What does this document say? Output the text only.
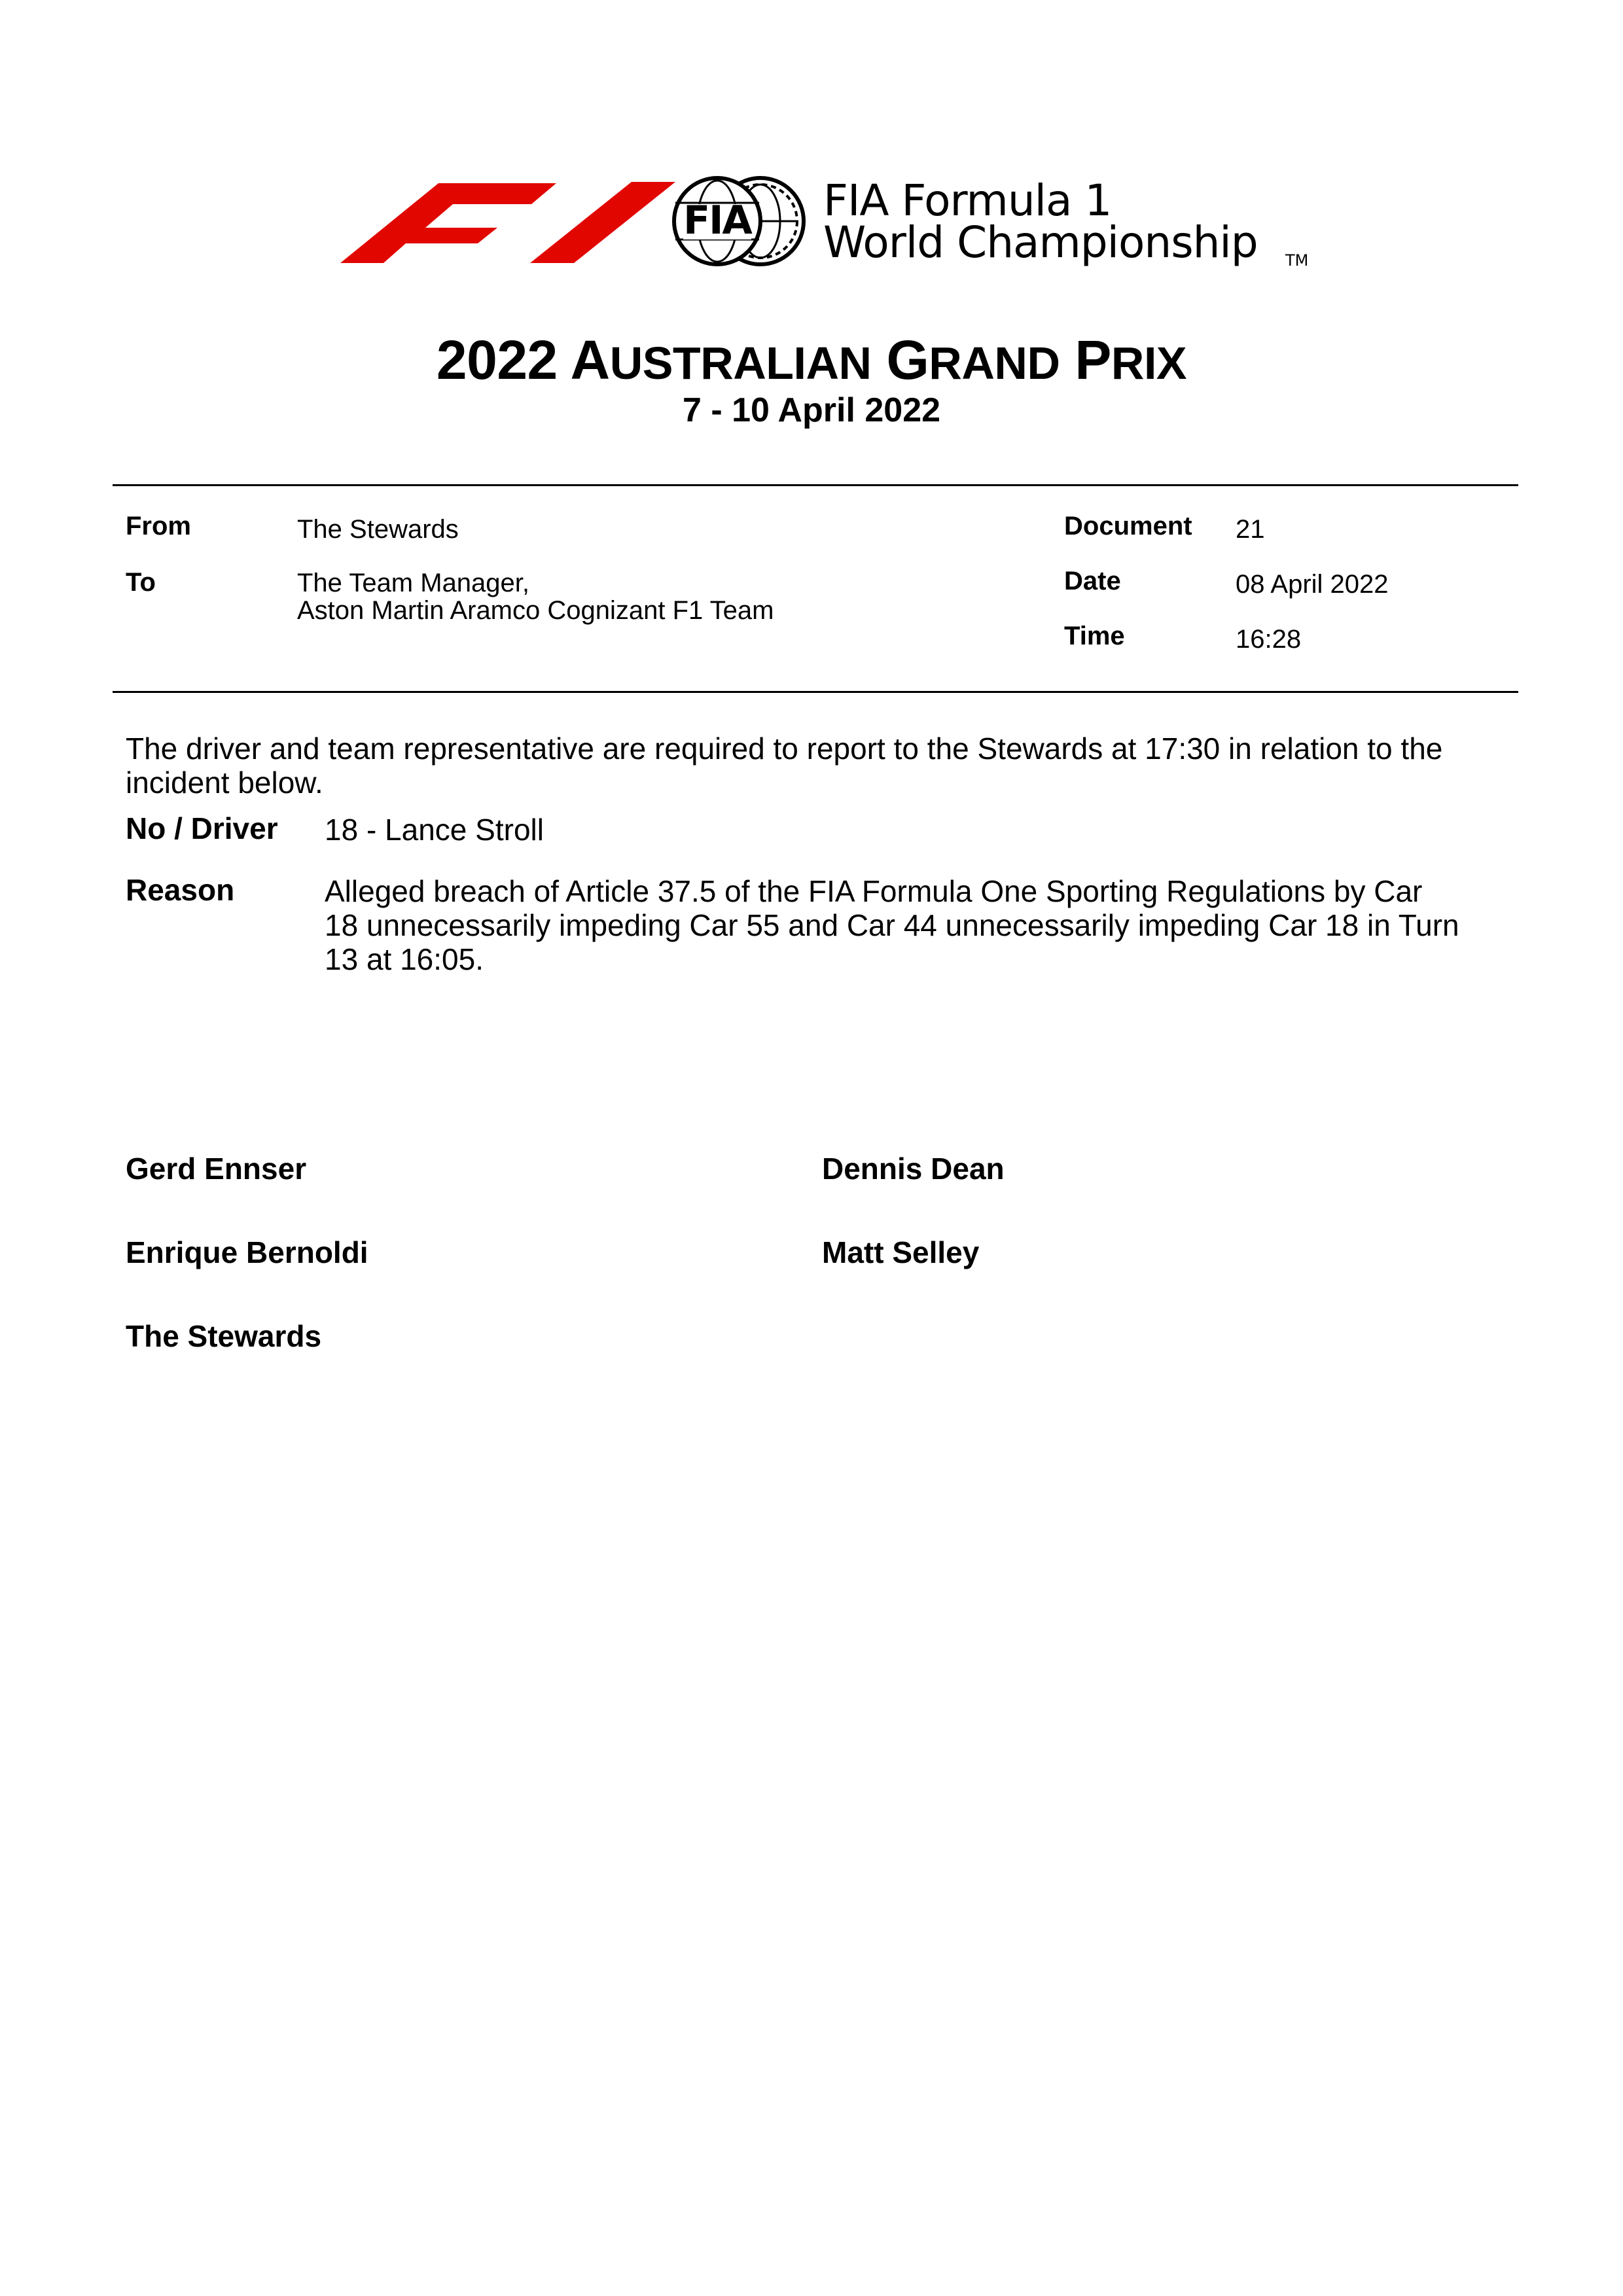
FIA FIA Formula 1
World Championship TM
2022 AUSTRALIAN GRAND PRIX
7 - 10 April 2022
From	The Stewards
To	The Team Manager,
Aston Martin Aramco Cognizant F1 Team
Document 21
Date	08 April 2022
Time	16:28
The driver and team representative are required to report to the Stewards at 17:30 in relation to the
incident below.
No / Driver 18 - Lance Stroll
Reason	Alleged breach of Article 37.5 of the FIA Formula One Sporting Regulations by Car
18 unnecessarily impeding Car 55 and Car 44 unnecessarily impeding Car 18 in Turn
13 at 16:05.
Gerd Ennser	Dennis Dean
Enrique Bernoldi	Matt Selley
The Stewards
